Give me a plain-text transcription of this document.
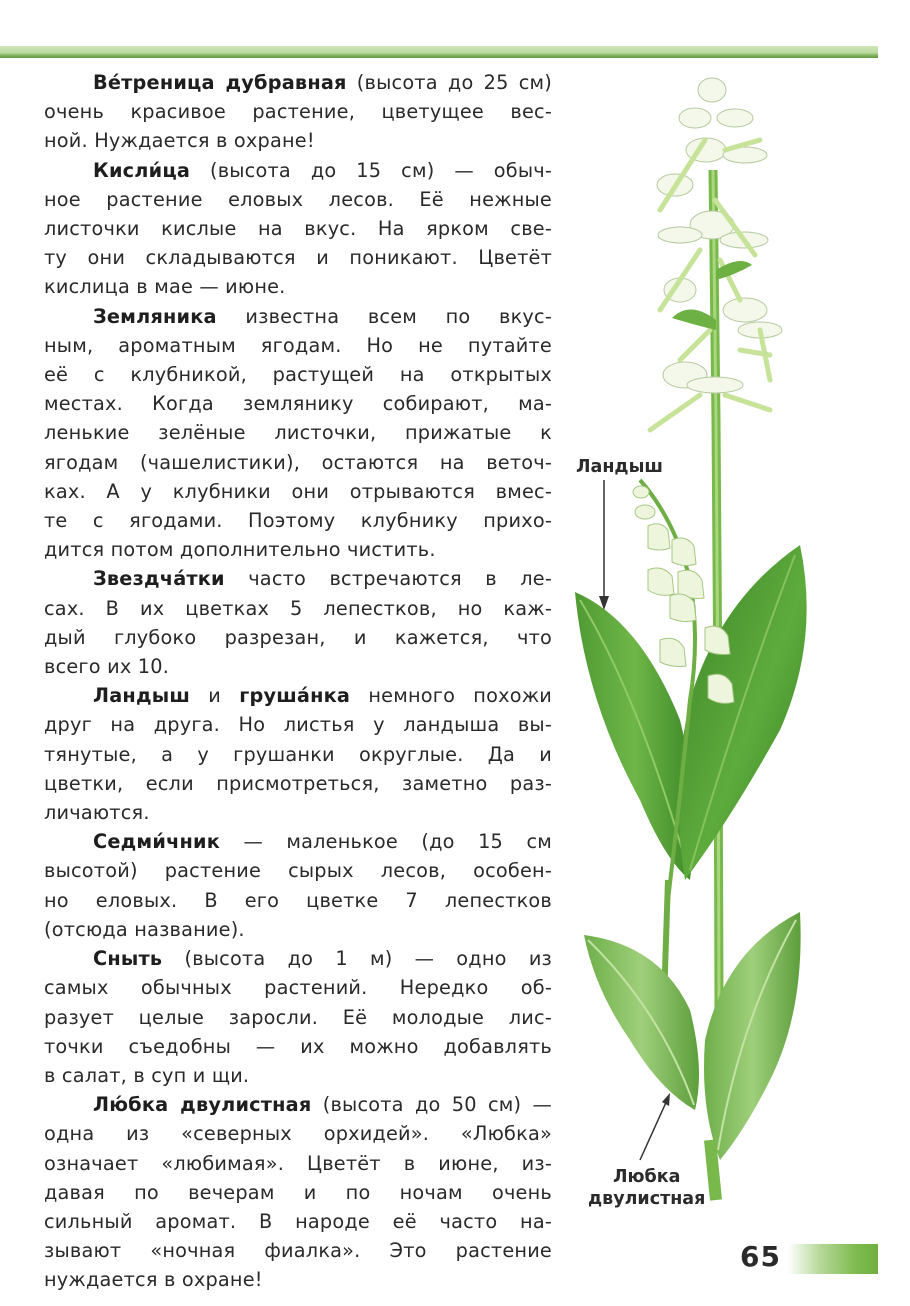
Ве́треница дубравная (высота до 25 см)
очень красивое растение, цветущее вес-
ной. Нуждается в охране!

Кисли́ца (высота до 15 см) — обыч-
ное растение еловых лесов. Её нежные
листочки кислые на вкус. На ярком све-
ту они складываются и поникают. Цветёт
кислица в мае — июне.

Земляника известна всем по вкус-
ным, ароматным ягодам. Но не путайте
её с клубникой, растущей на открытых
местах. Когда землянику собирают, ма-
ленькие зелёные листочки, прижатые к
ягодам (чашелистики), остаются на веточ-
ках. А у клубники они отрываются вмес-
те с ягодами. Поэтому клубнику прихо-
дится потом дополнительно чистить.

Звездча́тки часто встречаются в ле-
сах. В их цветках 5 лепестков, но каж-
дый глубоко разрезан, и кажется, что
всего их 10.

Ландыш и груша́нка немного похожи
друг на друга. Но листья у ландыша вы-
тянутые, а у грушанки округлые. Да и
цветки, если присмотреться, заметно раз-
личаются.

Седми́чник — маленькое (до 15 см
высотой) растение сырых лесов, особен-
но еловых. В его цветке 7 лепестков
(отсюда название).

Сныть (высота до 1 м) — одно из
самых обычных растений. Нередко об-
разует целые заросли. Её молодые лис-
точки съедобны — их можно добавлять
в салат, в суп и щи.

Лю́бка двулистная (высота до 50 см) —
одна из «северных орхидей». «Любка»
означает «любимая». Цветёт в июне, из-
давая по вечерам и по ночам очень
сильный аромат. В народе её часто на-
зывают «ночная фиалка». Это растение
нуждается в охране!

Ландыш
Любка
двулистная
65
